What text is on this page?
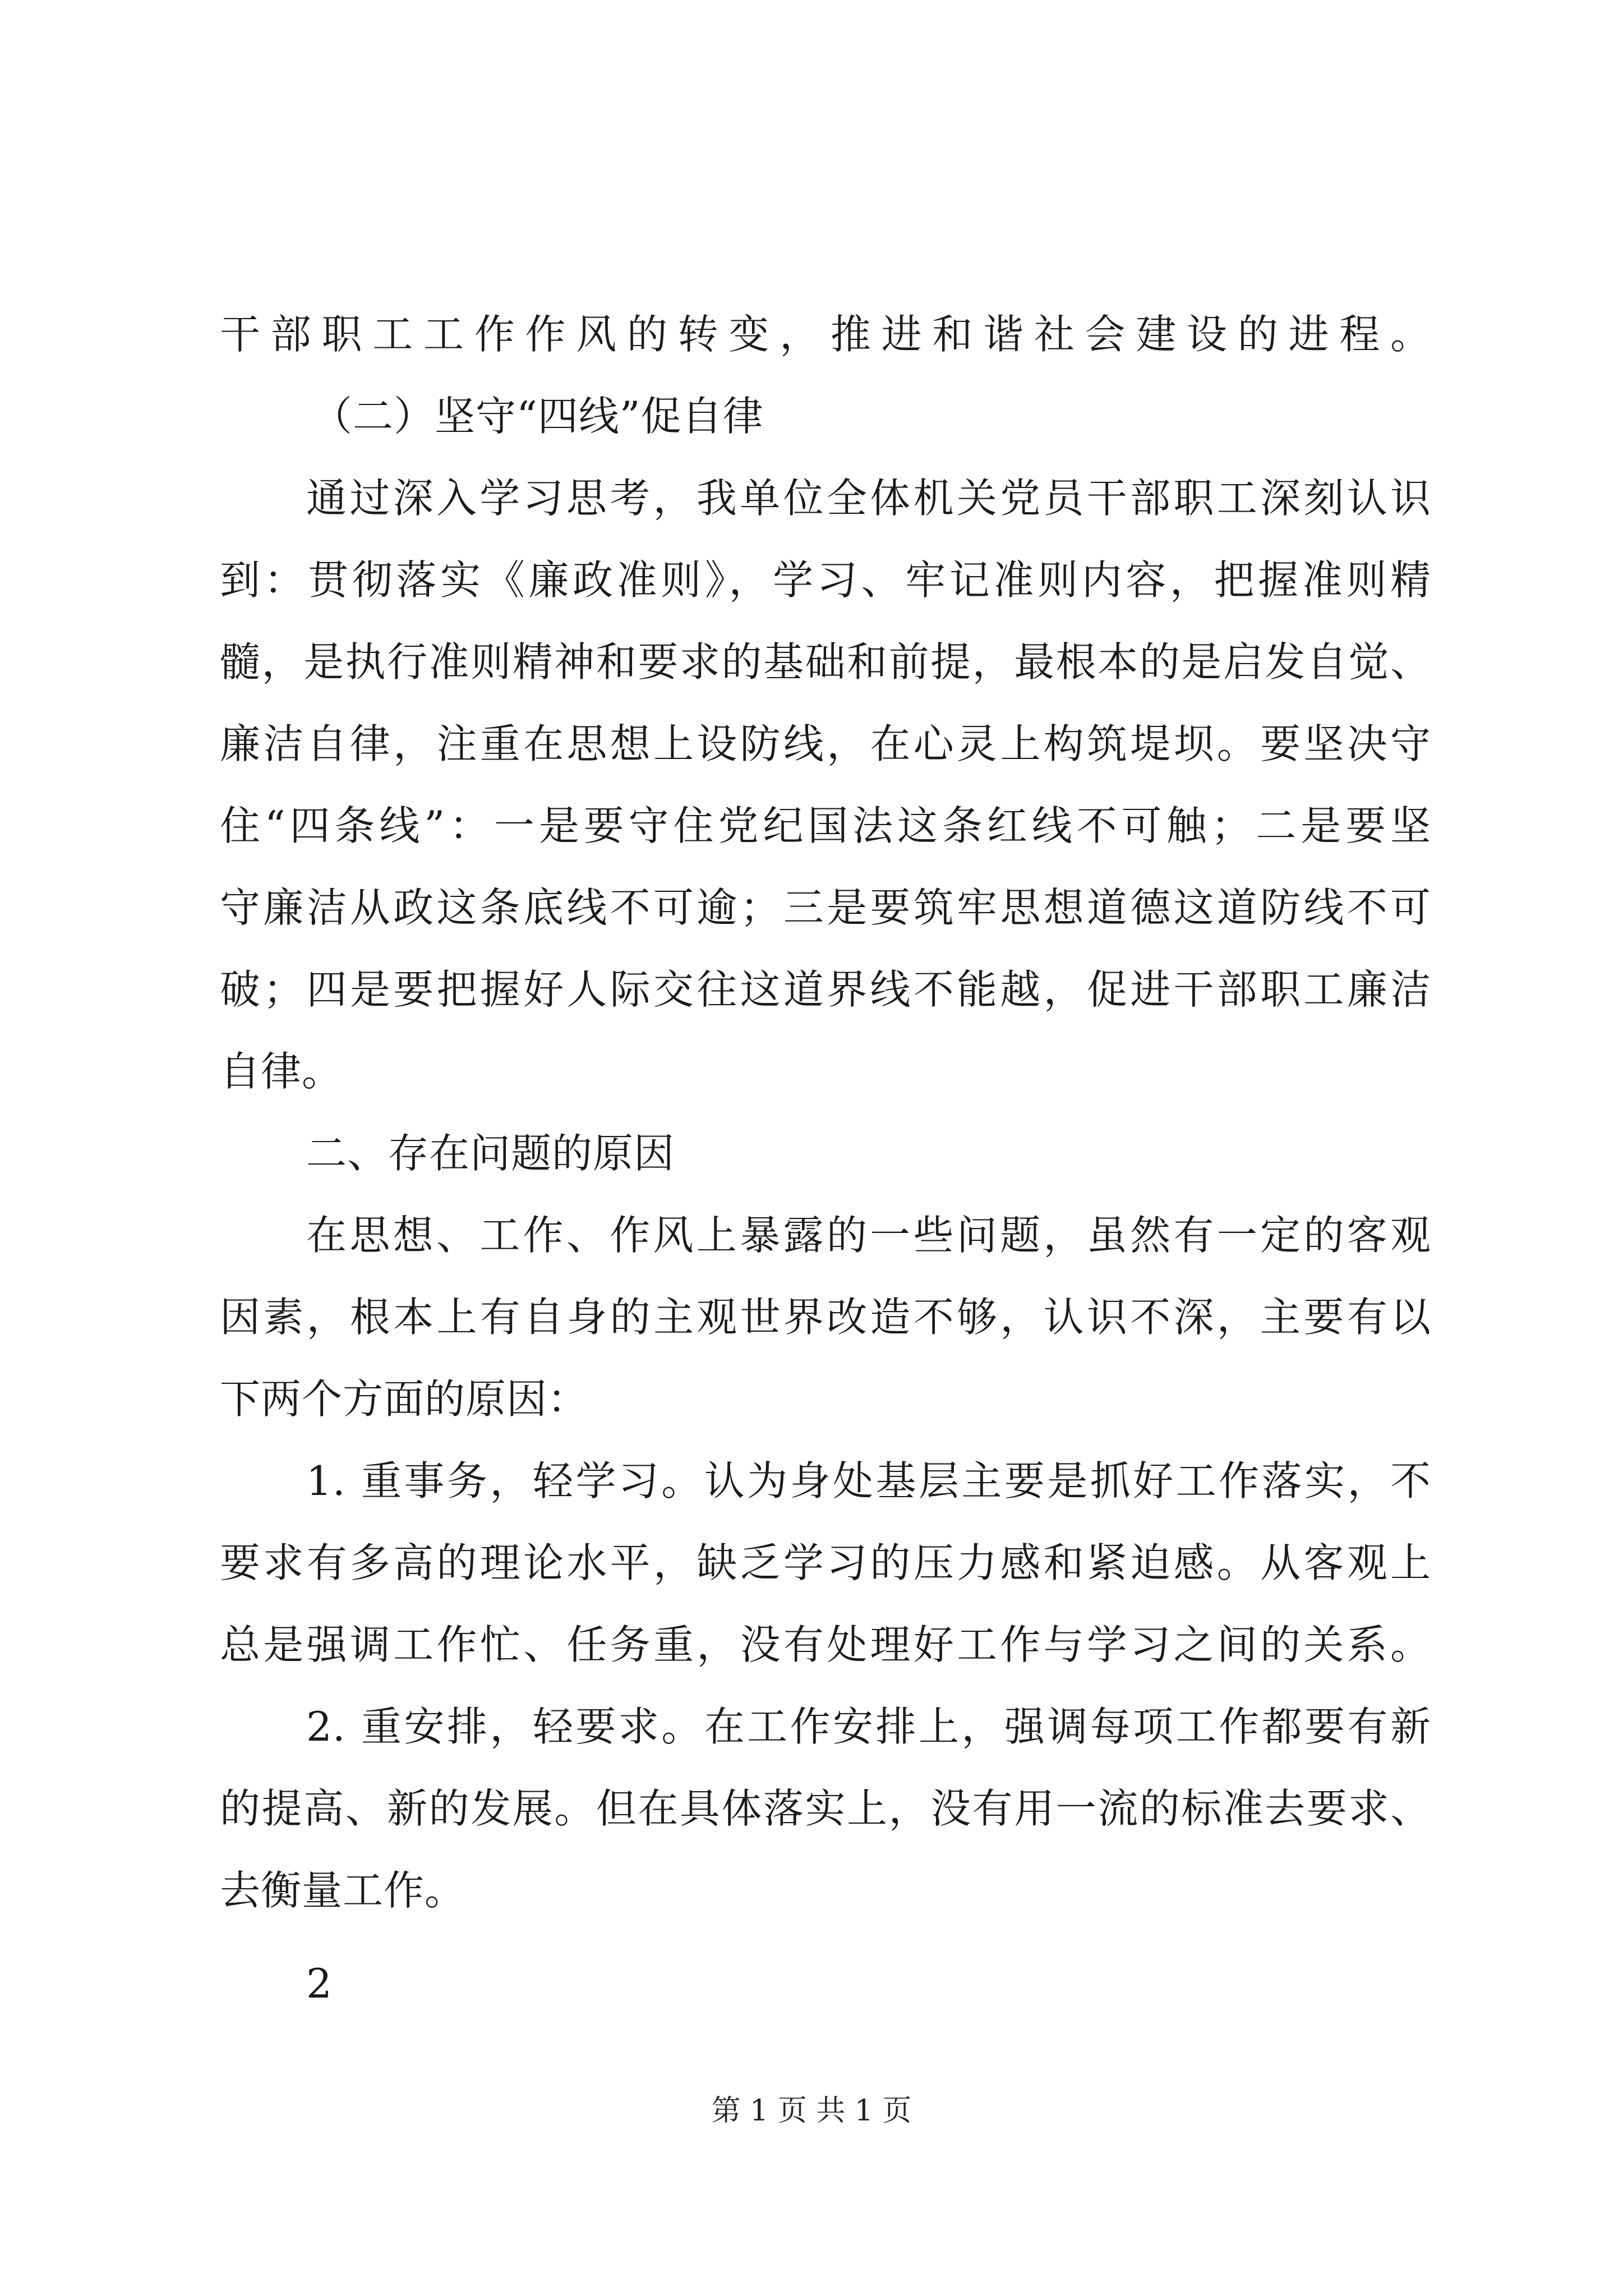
干部职工工作作风的转变，推进和谐社会建设的进程。
（二）坚守“四线”促自律
通过深入学习思考，我单位全体机关党员干部职工深刻认识
到：贯彻落实《廉政准则》，学习、牢记准则内容，把握准则精
髓，是执行准则精神和要求的基础和前提，最根本的是启发自觉、
廉洁自律，注重在思想上设防线，在心灵上构筑堤坝。要坚决守
住“四条线”：一是要守住党纪国法这条红线不可触；二是要坚
守廉洁从政这条底线不可逾；三是要筑牢思想道德这道防线不可
破；四是要把握好人际交往这道界线不能越，促进干部职工廉洁
自律。
二、存在问题的原因
在思想、工作、作风上暴露的一些问题，虽然有一定的客观
因素，根本上有自身的主观世界改造不够，认识不深，主要有以
下两个方面的原因：
1. 重事务，轻学习。认为身处基层主要是抓好工作落实，不
要求有多高的理论水平，缺乏学习的压力感和紧迫感。从客观上
总是强调工作忙、任务重，没有处理好工作与学习之间的关系。
2. 重安排，轻要求。在工作安排上，强调每项工作都要有新
的提高、新的发展。但在具体落实上，没有用一流的标准去要求、
去衡量工作。
2
第 1 页 共 1 页
